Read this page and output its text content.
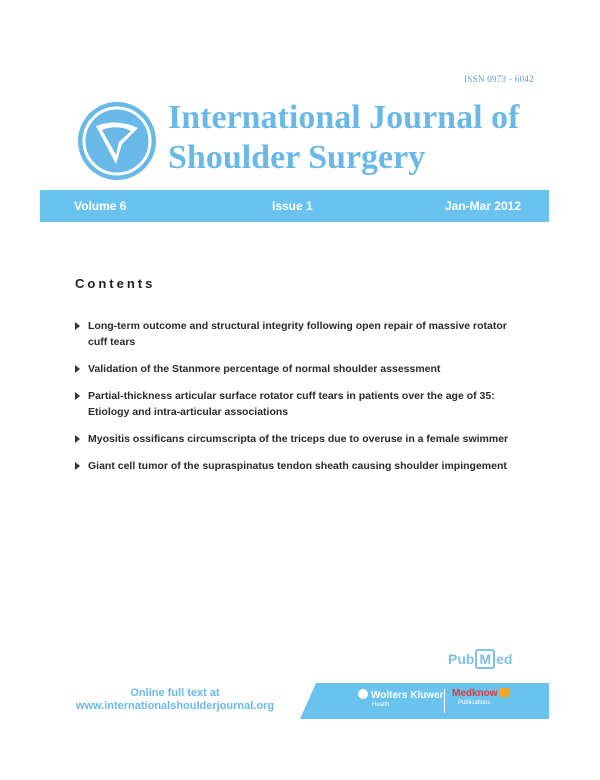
ISSN 0973 - 6042
International Journal of
Shoulder Surgery
Volume 6	Issue 1	Jan-Mar 2012
Contents
Long-term outcome and structural integrity following open repair of massive rotator cuff tears
Validation of the Stanmore percentage of normal shoulder assessment
Partial-thickness articular surface rotator cuff tears in patients over the age of 35: Etiology and intra-articular associations
Myositis ossificans circumscripta of the triceps due to overuse in a female swimmer
Giant cell tumor of the supraspinatus tendon sheath causing shoulder impingement
Pub M ed
Online full text at
www.internationalshoulderjournal.org
Wolters Kluwer
Health
Medknow
Publications
